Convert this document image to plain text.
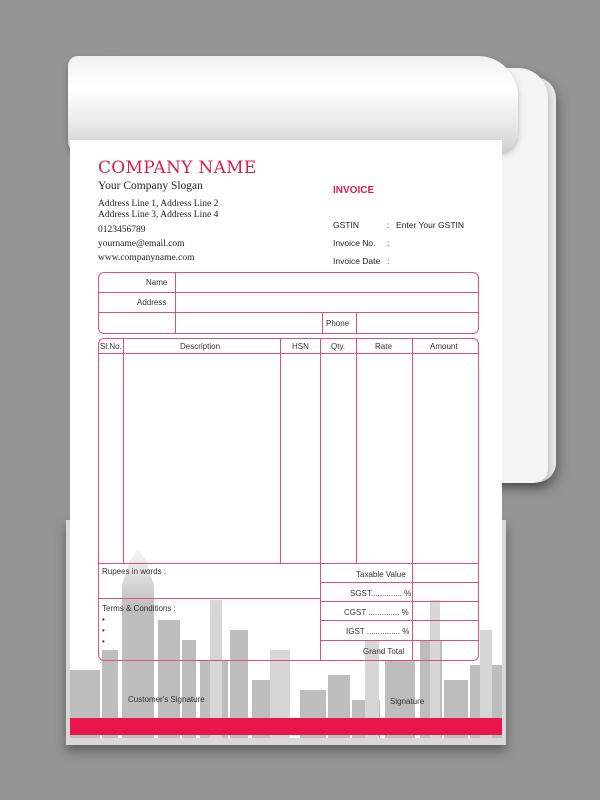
COMPANY NAME
Your Company Slogan
Address Line 1, Address Line 2
Address Line 3, Address Line 4
0123456789
yourname@email.com
www.companyname.com
INVOICE
GSTIN	: Enter Your GSTIN
Invoice No. :
Invoice Date :
Name
Address
Phone
Sl.No.	Description	HSN	Qty.	Rate	Amount
Rupees in words :
Terms & Conditions :
•
•
•
Taxable Value
SGST.............. %
CGST .............. %
IGST ............... %
Grand Total
Customer's Signature	Signature
